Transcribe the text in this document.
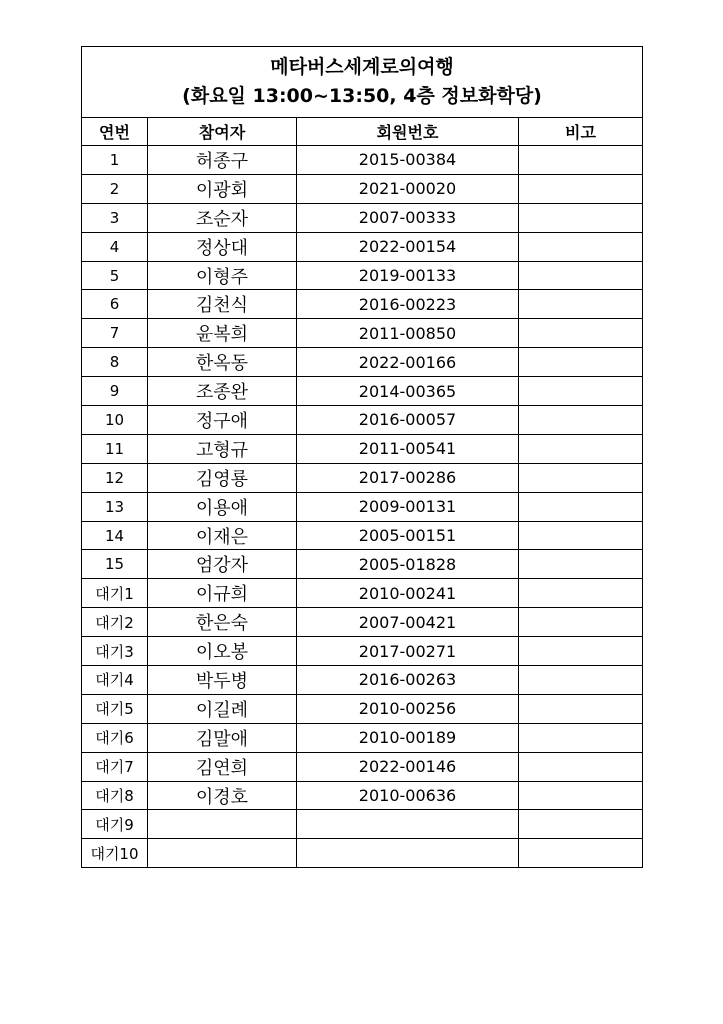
메타버스세계로의여행
(화요일 13:00~13:50, 4층 정보화학당)			

연번	참여자	회원번호	비고
1	허종구	2015-00384	
2	이광회	2021-00020	
3	조순자	2007-00333	
4	정상대	2022-00154	
5	이형주	2019-00133	
6	김천식	2016-00223	
7	윤복희	2011-00850	
8	한옥동	2022-00166	
9	조종완	2014-00365	
10	정구애	2016-00057	
11	고형규	2011-00541	
12	김영룡	2017-00286	
13	이용애	2009-00131	
14	이재은	2005-00151	
15	엄강자	2005-01828	
대기1	이규희	2010-00241	
대기2	한은숙	2007-00421	
대기3	이오봉	2017-00271	
대기4	박두병	2016-00263	
대기5	이길례	2010-00256	
대기6	김말애	2010-00189	
대기7	김연희	2022-00146	
대기8	이경호	2010-00636	
대기9			
대기10			
